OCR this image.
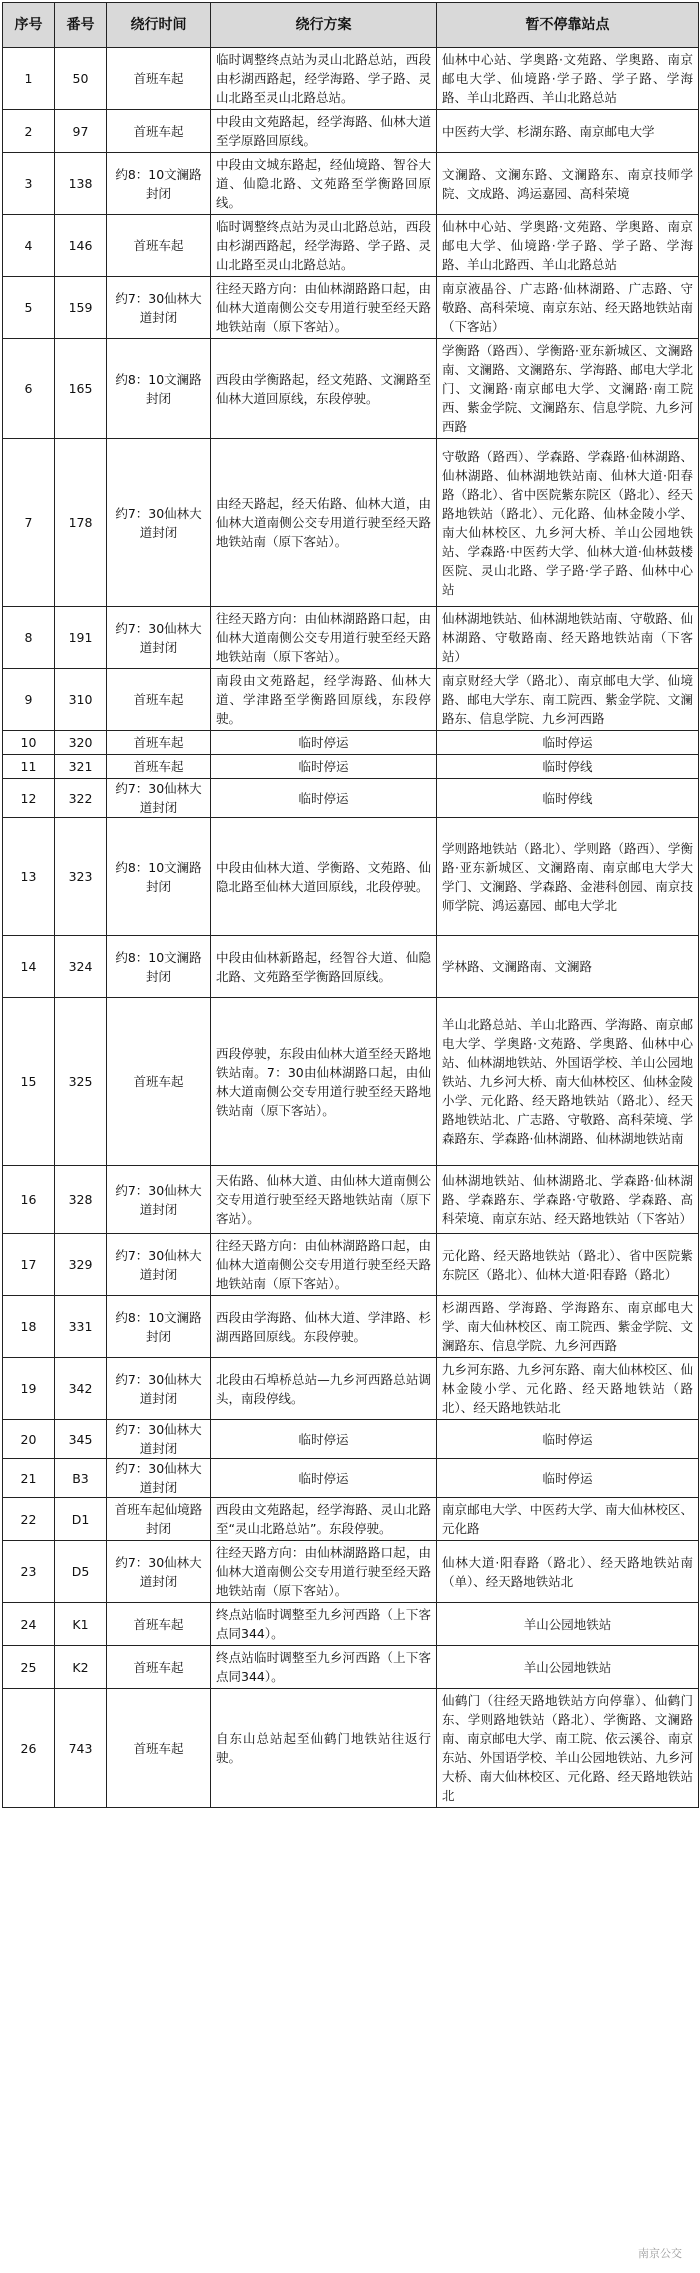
序号	番号	绕行时间	绕行方案	暂不停靠站点
1	50	首班车起	临时调整终点站为灵山北路总站，西段由杉湖西路起，经学海路、学子路、灵山北路至灵山北路总站。	仙林中心站、学奥路·文苑路、学奥路、南京邮电大学、仙境路·学子路、学子路、学海路、羊山北路西、羊山北路总站
2	97	首班车起	中段由文苑路起，经学海路、仙林大道至学原路回原线。	中医药大学、杉湖东路、南京邮电大学
3	138	约8：10文澜路封闭	中段由文城东路起，经仙境路、智谷大道、仙隐北路、文苑路至学衡路回原线。	文澜路、文澜东路、文澜路东、南京技师学院、文成路、鸿运嘉园、高科荣境
4	146	首班车起	临时调整终点站为灵山北路总站，西段由杉湖西路起，经学海路、学子路、灵山北路至灵山北路总站。	仙林中心站、学奥路·文苑路、学奥路、南京邮电大学、仙境路·学子路、学子路、学海路、羊山北路西、羊山北路总站
5	159	约7：30仙林大道封闭	往经天路方向：由仙林湖路路口起，由仙林大道南侧公交专用道行驶至经天路地铁站南（原下客站）。	南京液晶谷、广志路·仙林湖路、广志路、守敬路、高科荣境、南京东站、经天路地铁站南（下客站）
6	165	约8：10文澜路封闭	西段由学衡路起，经文苑路、文澜路至仙林大道回原线，东段停驶。	学衡路（路西）、学衡路·亚东新城区、文澜路南、文澜路、文澜路东、学海路、邮电大学北门、文澜路·南京邮电大学、文澜路·南工院西、紫金学院、文澜路东、信息学院、九乡河西路
7	178	约7：30仙林大道封闭	由经天路起，经天佑路、仙林大道，由仙林大道南侧公交专用道行驶至经天路地铁站南（原下客站）。	守敬路（路西）、学森路、学森路·仙林湖路、仙林湖路、仙林湖地铁站南、仙林大道·阳春路（路北）、省中医院紫东院区（路北）、经天路地铁站（路北）、元化路、仙林金陵小学、南大仙林校区、九乡河大桥、羊山公园地铁站、学森路·中医药大学、仙林大道·仙林鼓楼医院、灵山北路、学子路·学子路、仙林中心站
8	191	约7：30仙林大道封闭	往经天路方向：由仙林湖路路口起，由仙林大道南侧公交专用道行驶至经天路地铁站南（原下客站）。	仙林湖地铁站、仙林湖地铁站南、守敬路、仙林湖路、守敬路南、经天路地铁站南（下客站）
9	310	首班车起	南段由文苑路起，经学海路、仙林大道、学津路至学衡路回原线，东段停驶。	南京财经大学（路北）、南京邮电大学、仙境路、邮电大学东、南工院西、紫金学院、文澜路东、信息学院、九乡河西路
10	320	首班车起	临时停运	临时停运
11	321	首班车起	临时停运	临时停线
12	322	约7：30仙林大道封闭	临时停运	临时停线
13	323	约8：10文澜路封闭	中段由仙林大道、学衡路、文苑路、仙隐北路至仙林大道回原线，北段停驶。	学则路地铁站（路北）、学则路（路西）、学衡路·亚东新城区、文澜路南、南京邮电大学大学门、文澜路、学森路、金港科创园、南京技师学院、鸿运嘉园、邮电大学北
14	324	约8：10文澜路封闭	中段由仙林新路起，经智谷大道、仙隐北路、文苑路至学衡路回原线。	学林路、文澜路南、文澜路
15	325	首班车起	西段停驶，东段由仙林大道至经天路地铁站南。7：30由仙林湖路口起，由仙林大道南侧公交专用道行驶至经天路地铁站南（原下客站）。	羊山北路总站、羊山北路西、学海路、南京邮电大学、学奥路·文苑路、学奥路、仙林中心站、仙林湖地铁站、外国语学校、羊山公园地铁站、九乡河大桥、南大仙林校区、仙林金陵小学、元化路、经天路地铁站（路北）、经天路地铁站北、广志路、守敬路、高科荣境、学森路东、学森路·仙林湖路、仙林湖地铁站南
16	328	约7：30仙林大道封闭	天佑路、仙林大道、由仙林大道南侧公交专用道行驶至经天路地铁站南（原下客站）。	仙林湖地铁站、仙林湖路北、学森路·仙林湖路、学森路东、学森路·守敬路、学森路、高科荣境、南京东站、经天路地铁站（下客站）
17	329	约7：30仙林大道封闭	往经天路方向：由仙林湖路路口起，由仙林大道南侧公交专用道行驶至经天路地铁站南（原下客站）。	元化路、经天路地铁站（路北）、省中医院紫东院区（路北）、仙林大道·阳春路（路北）
18	331	约8：10文澜路封闭	西段由学海路、仙林大道、学津路、杉湖西路回原线。东段停驶。	杉湖西路、学海路、学海路东、南京邮电大学、南大仙林校区、南工院西、紫金学院、文澜路东、信息学院、九乡河西路
19	342	约7：30仙林大道封闭	北段由石埠桥总站—九乡河西路总站调头，南段停线。	九乡河东路、九乡河东路、南大仙林校区、仙林金陵小学、元化路、经天路地铁站（路北）、经天路地铁站北
20	345	约7：30仙林大道封闭	临时停运	临时停运
21	B3	约7：30仙林大道封闭	临时停运	临时停运
22	D1	首班车起仙境路封闭	西段由文苑路起，经学海路、灵山北路至“灵山北路总站”。东段停驶。	南京邮电大学、中医药大学、南大仙林校区、元化路
23	D5	约7：30仙林大道封闭	往经天路方向：由仙林湖路路口起，由仙林大道南侧公交专用道行驶至经天路地铁站南（原下客站）。	仙林大道·阳春路（路北）、经天路地铁站南（单）、经天路地铁站北
24	K1	首班车起	终点站临时调整至九乡河西路（上下客点同344）。	羊山公园地铁站
25	K2	首班车起	终点站临时调整至九乡河西路（上下客点同344）。	羊山公园地铁站
26	743	首班车起	自东山总站起至仙鹤门地铁站往返行驶。	仙鹤门（往经天路地铁站方向停靠）、仙鹤门东、学则路地铁站（路北）、学衡路、文澜路南、南京邮电大学、南工院、依云溪谷、南京东站、外国语学校、羊山公园地铁站、九乡河大桥、南大仙林校区、元化路、经天路地铁站北
南京公交
